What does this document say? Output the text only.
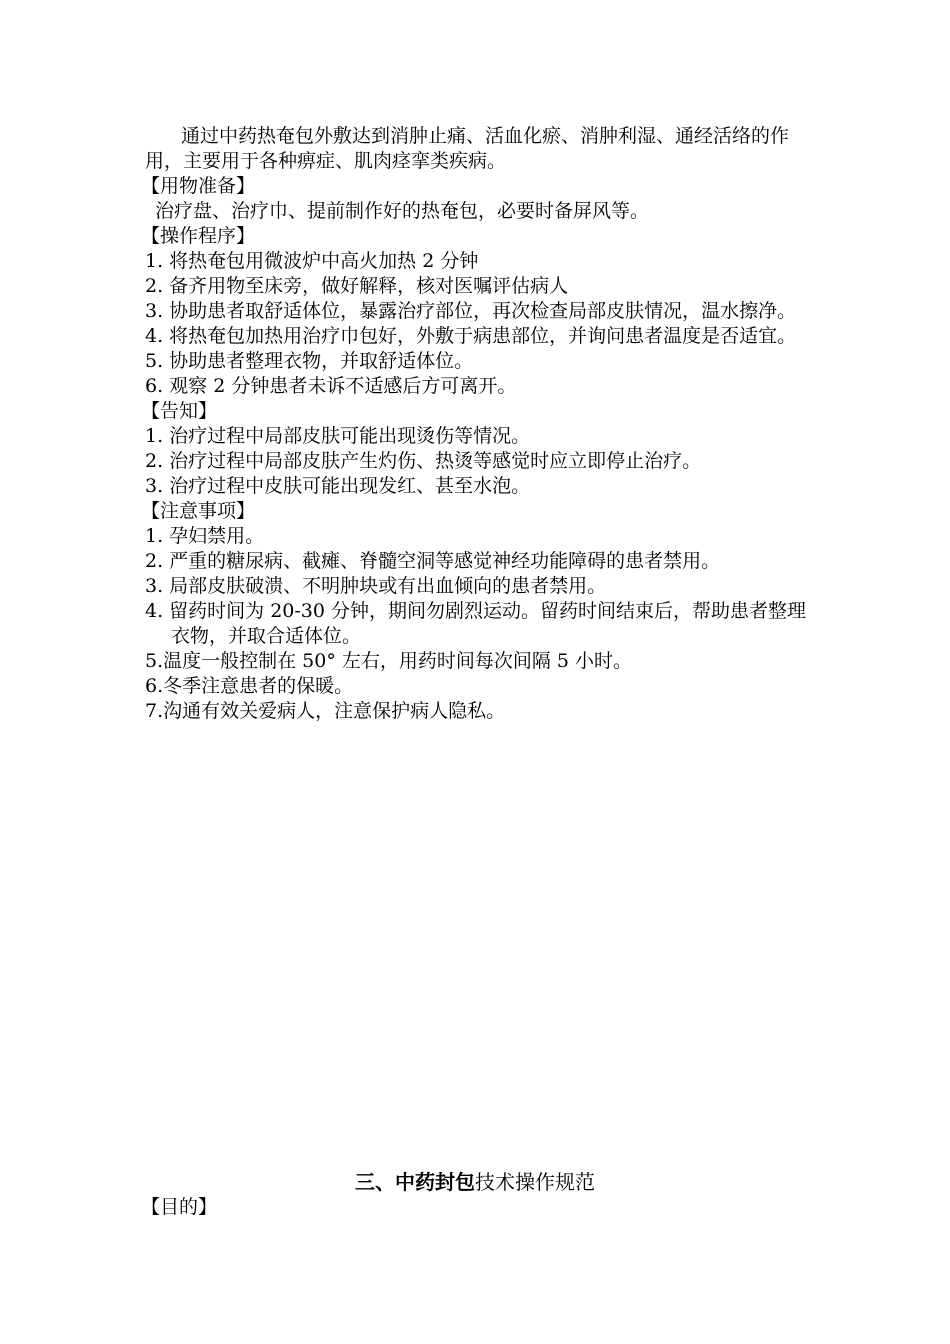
通过中药热奄包外敷达到消肿止痛、活血化瘀、消肿利湿、通经活络的作用，主要用于各种痹症、肌肉痉挛类疾病。

【用物准备】

治疗盘、治疗巾、提前制作好的热奄包，必要时备屏风等。

【操作程序】

1. 将热奄包用微波炉中高火加热 2 分钟

2. 备齐用物至床旁，做好解释，核对医嘱评估病人

3. 协助患者取舒适体位，暴露治疗部位，再次检查局部皮肤情况，温水擦净。

4. 将热奄包加热用治疗巾包好，外敷于病患部位，并询问患者温度是否适宜。

5. 协助患者整理衣物，并取舒适体位。

6. 观察 2 分钟患者未诉不适感后方可离开。

【告知】

1. 治疗过程中局部皮肤可能出现烫伤等情况。

2. 治疗过程中局部皮肤产生灼伤、热烫等感觉时应立即停止治疗。

3. 治疗过程中皮肤可能出现发红、甚至水泡。

【注意事项】

1. 孕妇禁用。

2. 严重的糖尿病、截瘫、脊髓空洞等感觉神经功能障碍的患者禁用。

3. 局部皮肤破溃、不明肿块或有出血倾向的患者禁用。

4. 留药时间为 20-30 分钟，期间勿剧烈运动。留药时间结束后，帮助患者整理衣物，并取合适体位。

5.温度一般控制在 50° 左右，用药时间每次间隔 5 小时。

6.冬季注意患者的保暖。

7.沟通有效关爱病人，注意保护病人隐私。

三、中药封包技术操作规范

【目的】
